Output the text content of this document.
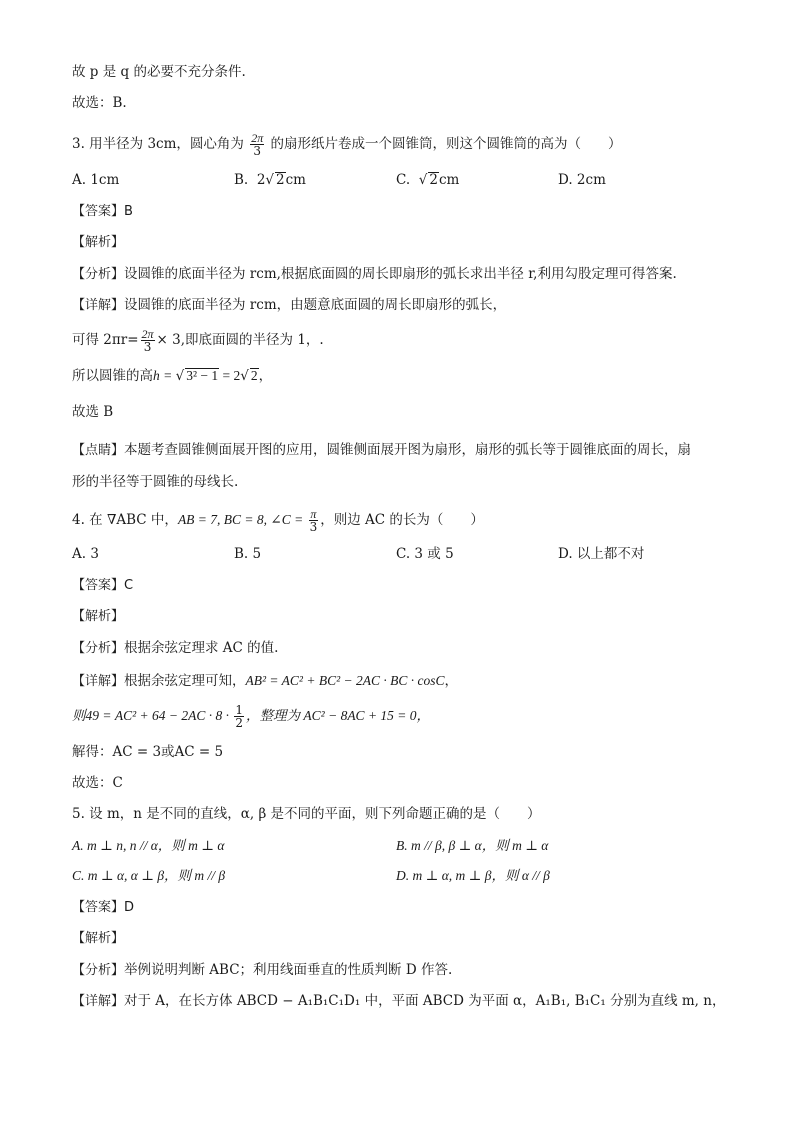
故 p 是 q 的必要不充分条件.
故选：B.
3. 用半径为 3cm，圆心角为 $\frac{2\pi}{3}$ 的扇形纸片卷成一个圆锥筒，则这个圆锥筒的高为（　　）
A. 1cm	B. 2√ 2cm	C. √ 2cm	D. 2cm
【答案】B
【解析】
【分析】设圆锥的底面半径为 rcm,根据底面圆的周长即扇形的弧长求出半径 r,利用勾股定理可得答案.
【详解】设圆锥的底面半径为 rcm，由题意底面圆的周长即扇形的弧长，
可得 $2\pi r= \frac{2\pi}{3} \times 3$,即底面圆的半径为 1，.
所以圆锥的高h = √ 3² − 1 = 2√ 2，
故选 B
【点睛】本题考查圆锥侧面展开图的应用，圆锥侧面展开图为扇形，扇形的弧长等于圆锥底面的周长，扇
形的半径等于圆锥的母线长.
4. 在 ∇ABC 中，AB = 7, BC = 8, ∠C = $\frac{\pi}{3}$ ，则边 AC 的长为（　　）
A. 3	B. 5	C. 3 或 5	D. 以上都不对
【答案】C
【解析】
【分析】根据余弦定理求 AC 的值.
【详解】根据余弦定理可知，AB² = AC² + BC² − 2AC · BC · cosC，
则$49 = AC^2 + 64 - 2AC \cdot 8 \cdot \frac{1}{2}$ ，整理为 AC² − 8AC + 15 = 0，
解得：AC = 3或AC = 5
故选：C
5. 设 m，n 是不同的直线，α, β 是不同的平面，则下列命题正确的是（　　）
A. m ⊥ n, n // α，则 m ⊥ α	B. m // β, β ⊥ α，则 m ⊥ α
C. m ⊥ α, α ⊥ β，则 m // β	D. m ⊥ α, m ⊥ β，则 α // β
【答案】D
【解析】
【分析】举例说明判断 ABC；利用线面垂直的性质判断 D 作答.
【详解】对于 A，在长方体 ABCD − A₁B₁C₁D₁ 中，平面 ABCD 为平面 α，A₁B₁, B₁C₁ 分别为直线 m, n，
